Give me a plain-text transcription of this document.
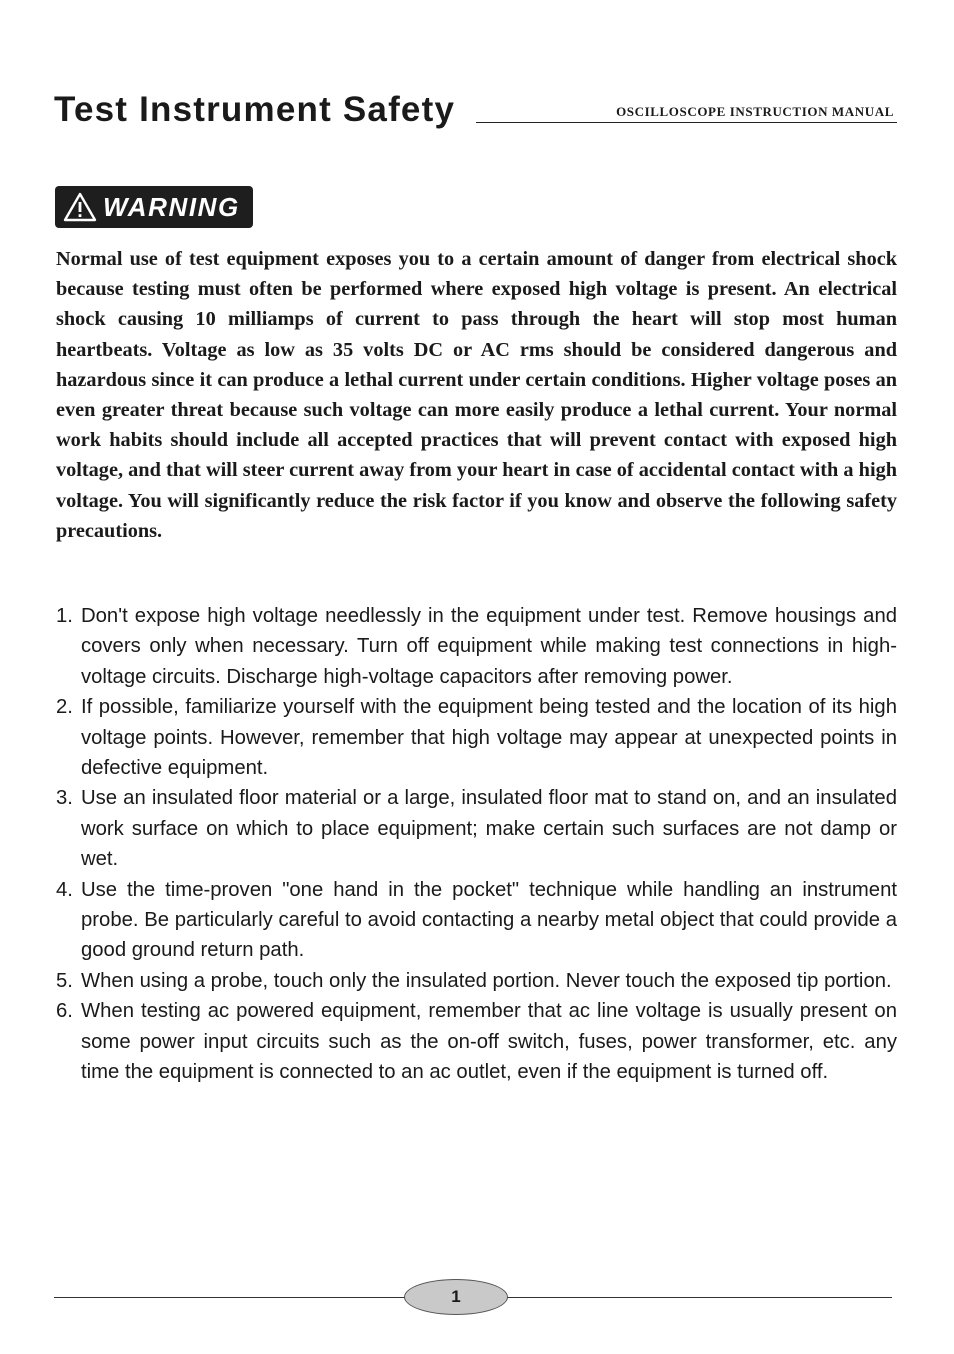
Test Instrument Safety	OSCILLOSCOPE INSTRUCTION MANUAL
WARNING

Normal use of test equipment exposes you to a certain amount of danger from electrical shock because testing must often be performed where exposed high voltage is present. An electrical shock causing 10 milliamps of current to pass through the heart will stop most human heartbeats. Voltage as low as 35 volts DC or AC rms should be considered dangerous and hazardous since it can produce a lethal current under certain conditions. Higher voltage poses an even greater threat because such voltage can more easily produce a lethal current. Your normal work habits should include all accepted practices that will prevent contact with exposed high voltage, and that will steer current away from your heart in case of accidental contact with a high voltage. You will significantly reduce the risk factor if you know and observe the following safety precautions.

1. Don't expose high voltage needlessly in the equipment under test. Remove housings and covers only when necessary. Turn off equipment while making test connections in high-voltage circuits. Discharge high-voltage capacitors after removing power.
2. If possible, familiarize yourself with the equipment being tested and the location of its high voltage points. However, remember that high voltage may appear at unexpected points in defective equipment.
3. Use an insulated floor material or a large, insulated floor mat to stand on, and an insulated work surface on which to place equipment; make certain such surfaces are not damp or wet.
4. Use the time-proven "one hand in the pocket" technique while handling an instrument probe. Be particularly careful to avoid contacting a nearby metal object that could provide a good ground return path.
5. When using a probe, touch only the insulated portion. Never touch the exposed tip portion.
6. When testing ac powered equipment, remember that ac line voltage is usually present on some power input circuits such as the on-off switch, fuses, power transformer, etc. any time the equipment is connected to an ac outlet, even if the equipment is turned off.
1
